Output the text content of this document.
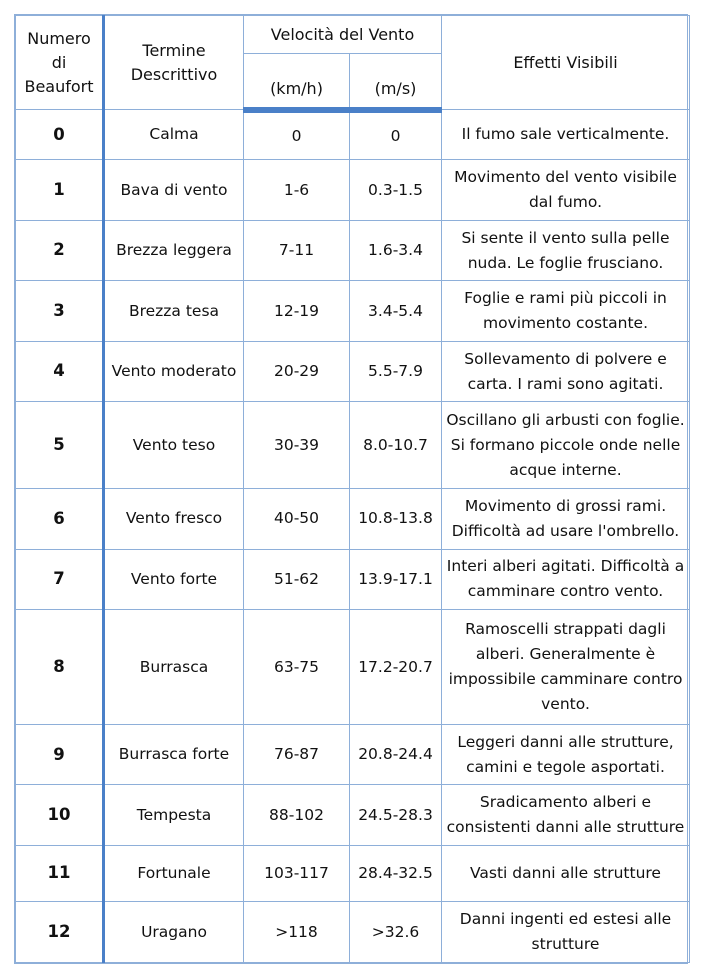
Numero di Beaufort	Termine Descrittivo	Velocità del Vento		Effetti Visibili
		(km/h)	(m/s)	
0	Calma	0	0	Il fumo sale verticalmente.
1	Bava di vento	1-6	0.3-1.5	Movimento del vento visibile dal fumo.
2	Brezza leggera	7-11	1.6-3.4	Si sente il vento sulla pelle nuda. Le foglie frusciano.
3	Brezza tesa	12-19	3.4-5.4	Foglie e rami più piccoli in movimento costante.
4	Vento moderato	20-29	5.5-7.9	Sollevamento di polvere e carta. I rami sono agitati.
5	Vento teso	30-39	8.0-10.7	Oscillano gli arbusti con foglie. Si formano piccole onde nelle acque interne.
6	Vento fresco	40-50	10.8-13.8	Movimento di grossi rami. Difficoltà ad usare l'ombrello.
7	Vento forte	51-62	13.9-17.1	Interi alberi agitati. Difficoltà a camminare contro vento.
8	Burrasca	63-75	17.2-20.7	Ramoscelli strappati dagli alberi. Generalmente è impossibile camminare contro vento.
9	Burrasca forte	76-87	20.8-24.4	Leggeri danni alle strutture, camini e tegole asportati.
10	Tempesta	88-102	24.5-28.3	Sradicamento alberi e consistenti danni alle strutture
11	Fortunale	103-117	28.4-32.5	Vasti danni alle strutture
12	Uragano	>118	>32.6	Danni ingenti ed estesi alle strutture
